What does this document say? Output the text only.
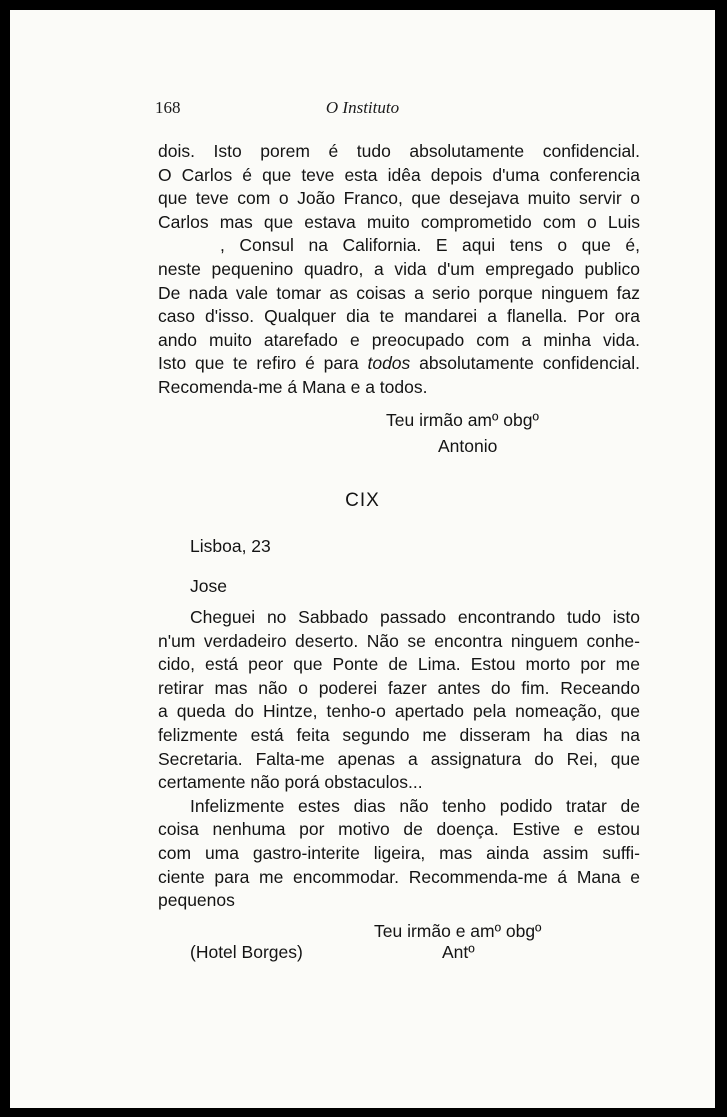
168	O Instituto
dois. Isto porem é tudo absolutamente confidencial.
O Carlos é que teve esta idêa depois d'uma conferencia
que teve com o João Franco, que desejava muito servir o
Carlos mas que estava muito comprometido com o Luis
, Consul na California. E aqui tens o que é,
neste pequenino quadro, a vida d'um empregado publico
De nada vale tomar as coisas a serio porque ninguem faz
caso d'isso. Qualquer dia te mandarei a flanella. Por ora
ando muito atarefado e preocupado com a minha vida.
Isto que te refiro é para todos absolutamente confidencial.
Recomenda-me á Mana e a todos.
Teu irmão amº obgº
Antonio
CIX
Lisboa, 23
Jose
Cheguei no Sabbado passado encontrando tudo isto
n'um verdadeiro deserto. Não se encontra ninguem conhe-
cido, está peor que Ponte de Lima. Estou morto por me
retirar mas não o poderei fazer antes do fim. Receando
a queda do Hintze, tenho-o apertado pela nomeação, que
felizmente está feita segundo me disseram ha dias na
Secretaria. Falta-me apenas a assignatura do Rei, que
certamente não porá obstaculos...
Infelizmente estes dias não tenho podido tratar de
coisa nenhuma por motivo de doença. Estive e estou
com uma gastro-interite ligeira, mas ainda assim suffi-
ciente para me encommodar. Recommenda-me á Mana e
pequenos
Teu irmão e amº obgº
(Hotel Borges)	Antº
